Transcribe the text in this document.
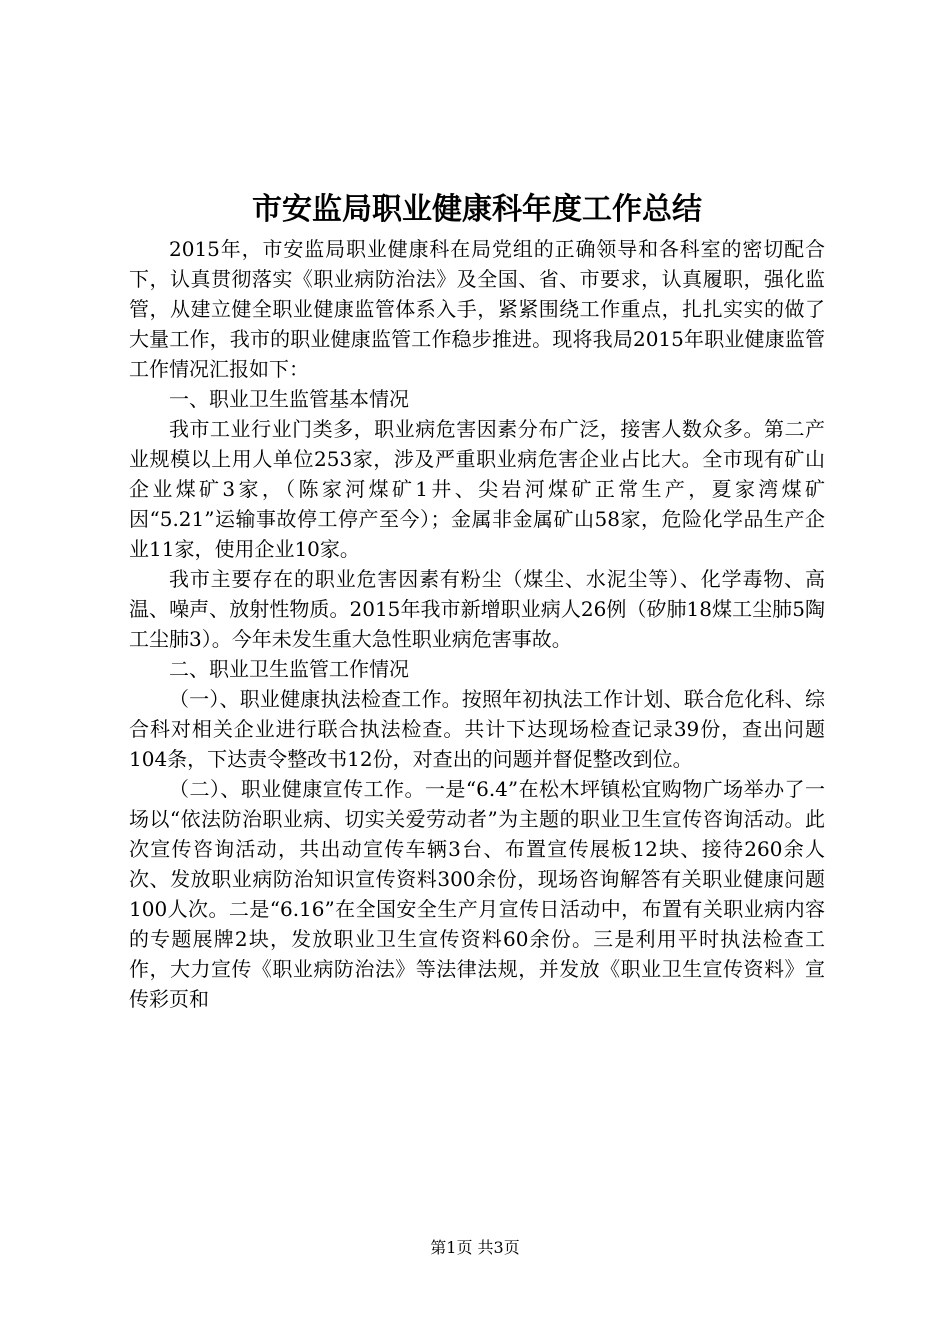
市安监局职业健康科年度工作总结

2015年，市安监局职业健康科在局党组的正确领导和各科室的密切配合下，认真贯彻落实《职业病防治法》及全国、省、市要求，认真履职，强化监管，从建立健全职业健康监管体系入手，紧紧围绕工作重点，扎扎实实的做了大量工作，我市的职业健康监管工作稳步推进。现将我局2015年职业健康监管工作情况汇报如下：

一、职业卫生监管基本情况

我市工业行业门类多，职业病危害因素分布广泛，接害人数众多。第二产业规模以上用人单位253家，涉及严重职业病危害企业占比大。全市现有矿山企业煤矿3家，（陈家河煤矿1井、尖岩河煤矿正常生产，夏家湾煤矿因“5.21”运输事故停工停产至今）；金属非金属矿山58家，危险化学品生产企业11家，使用企业10家。

我市主要存在的职业危害因素有粉尘（煤尘、水泥尘等）、化学毒物、高温、噪声、放射性物质。2015年我市新增职业病人26例（矽肺18煤工尘肺5陶工尘肺3）。今年未发生重大急性职业病危害事故。

二、职业卫生监管工作情况

（一）、职业健康执法检查工作。按照年初执法工作计划、联合危化科、综合科对相关企业进行联合执法检查。共计下达现场检查记录39份，查出问题104条，下达责令整改书12份，对查出的问题并督促整改到位。

（二）、职业健康宣传工作。一是“6.4”在松木坪镇松宜购物广场举办了一场以“依法防治职业病、切实关爱劳动者”为主题的职业卫生宣传咨询活动。此次宣传咨询活动，共出动宣传车辆3台、布置宣传展板12块、接待260余人次、发放职业病防治知识宣传资料300余份，现场咨询解答有关职业健康问题100人次。二是“6.16”在全国安全生产月宣传日活动中，布置有关职业病内容的专题展牌2块，发放职业卫生宣传资料60余份。三是利用平时执法检查工作，大力宣传《职业病防治法》等法律法规，并发放《职业卫生宣传资料》宣传彩页和

第1页 共3页
